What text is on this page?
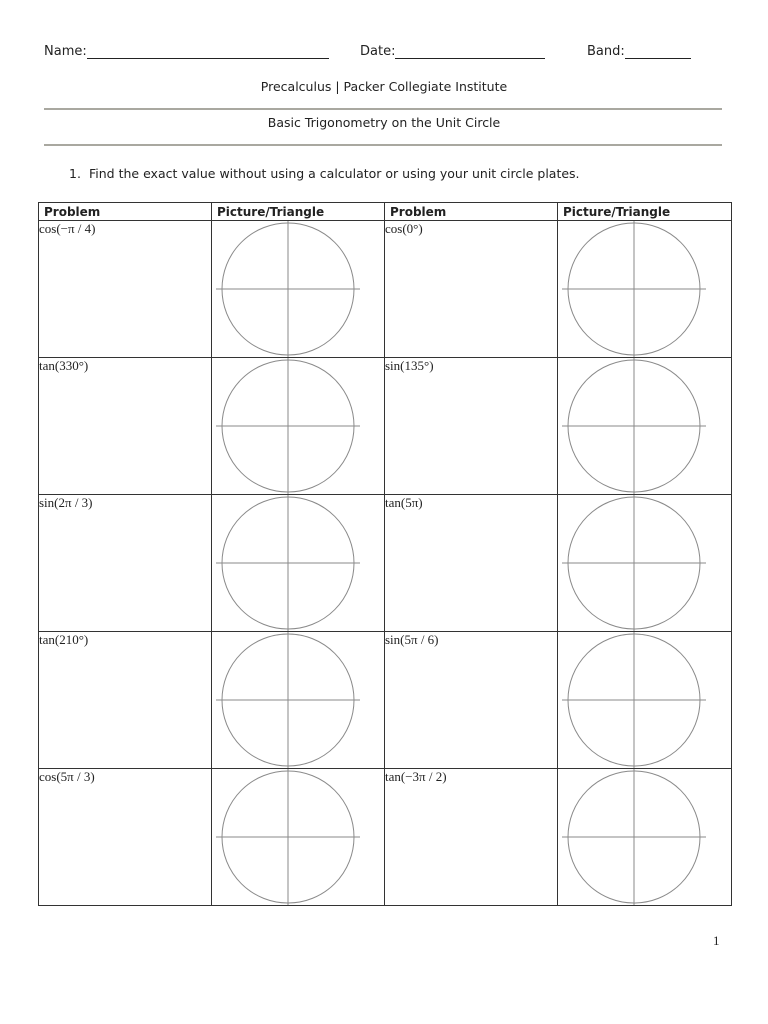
Name:	Date:	Band:
Precalculus | Packer Collegiate Institute
Basic Trigonometry on the Unit Circle
1. Find the exact value without using a calculator or using your unit circle plates.
Problem	Picture/Triangle	Problem	Picture/Triangle
cos(−π / 4)		cos(0°)	

tan(330°)		sin(135°)	

sin(2π / 3)		tan(5π)	

tan(210°)		sin(5π / 6)	

cos(5π / 3)		tan(−3π / 2)	
1
